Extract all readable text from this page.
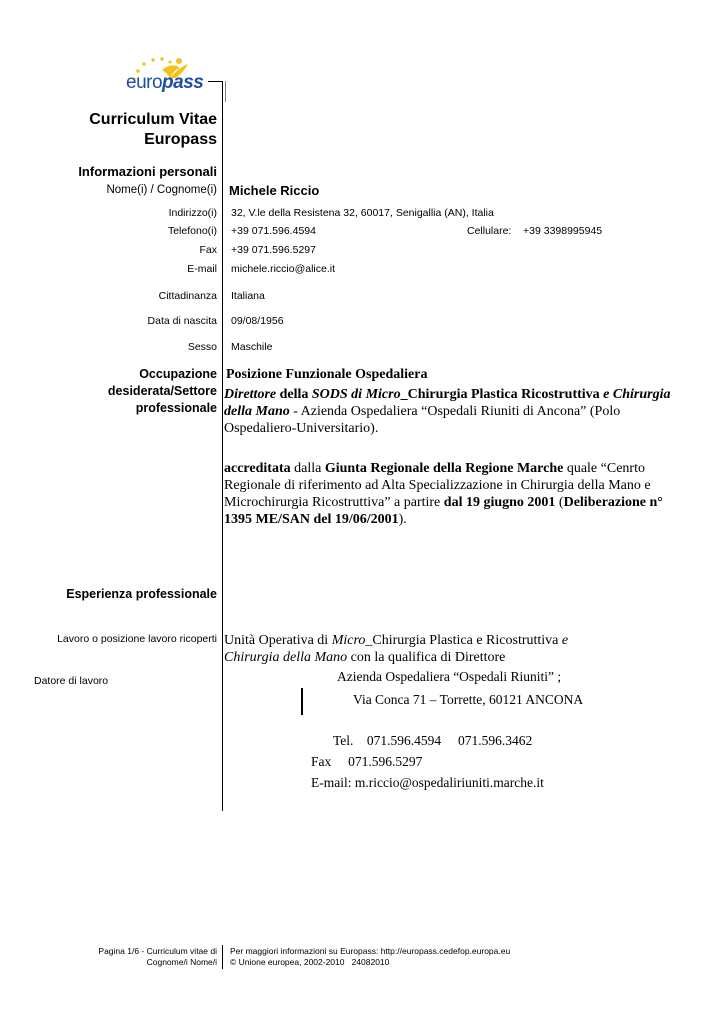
europass
Curriculum Vitae
Europass
Informazioni personali
Nome(i) / Cognome(i) Michele Riccio
Indirizzo(i) 32, V.le della Resistena 32, 60017, Senigallia (AN), Italia
Telefono(i) +39 071.596.4594	Cellulare: +39 3398995945
Fax +39 071.596.5297
E-mail michele.riccio@alice.it
Cittadinanza Italiana
Data di nascita 09/08/1956
Sesso Maschile
Occupazione
desiderata/Settore
professionale
Posizione Funzionale Ospedaliera
Direttore della SODS di Micro_Chirurgia Plastica Ricostruttiva e Chirurgia
della Mano - Azienda Ospedaliera “Ospedali Riuniti di Ancona” (Polo
Ospedaliero-Universitario).
accreditata dalla Giunta Regionale della Regione Marche quale “Cenrto
Regionale di riferimento ad Alta Specializzazione in Chirurgia della Mano e
Microchirurgia Ricostruttiva” a partire dal 19 giugno 2001 (Deliberazione n°
1395 ME/SAN del 19/06/2001).
Esperienza professionale
Lavoro o posizione lavoro ricoperti Unità Operativa di Micro_Chirurgia Plastica e Ricostruttiva e
Chirurgia della Mano con la qualifica di Direttore
Datore di lavoro	Azienda Ospedaliera “Ospedali Riuniti” ;
Via Conca 71 – Torrette, 60121 ANCONA
Tel.    071.596.4594     071.596.3462
Fax     071.596.5297
E-mail: m.riccio@ospedaliriuniti.marche.it
Pagina 1/6 - Curriculum vitae di
Cognome/i Nome/i
Per maggiori informazioni su Europass: http://europass.cedefop.europa.eu
© Unione europea, 2002-2010   24082010
